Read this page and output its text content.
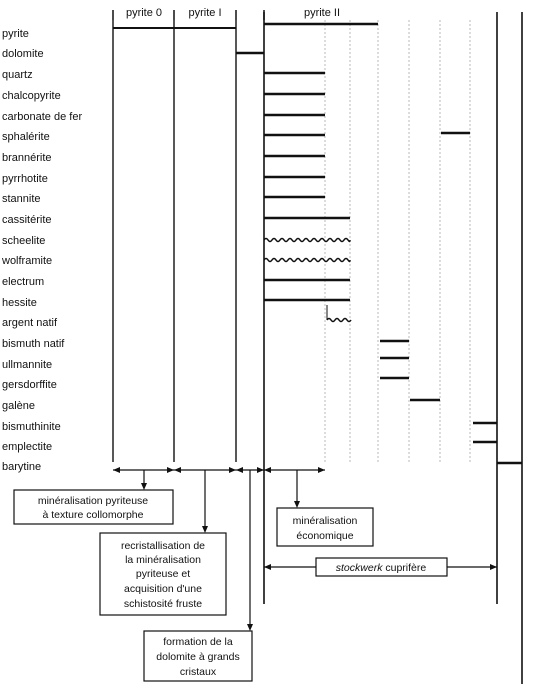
pyrite 0 pyrite I	pyrite II
pyrite
dolomite
quartz
chalcopyrite
carbonate de fer
sphalérite
brannérite
pyrrhotite
stannite
cassitérite
scheelite
wolframite
electrum
hessite
argent natif
bismuth natif
ullmannite
gersdorffite
galène
bismuthinite
emplectite
barytine
minéralisation pyriteuse
à texture collomorphe
recristallisation de
la minéralisation
pyriteuse et
acquisition d'une
schistosité fruste
minéralisation
économique
stockwerk cuprifère
formation de la
dolomite à grands
cristaux
